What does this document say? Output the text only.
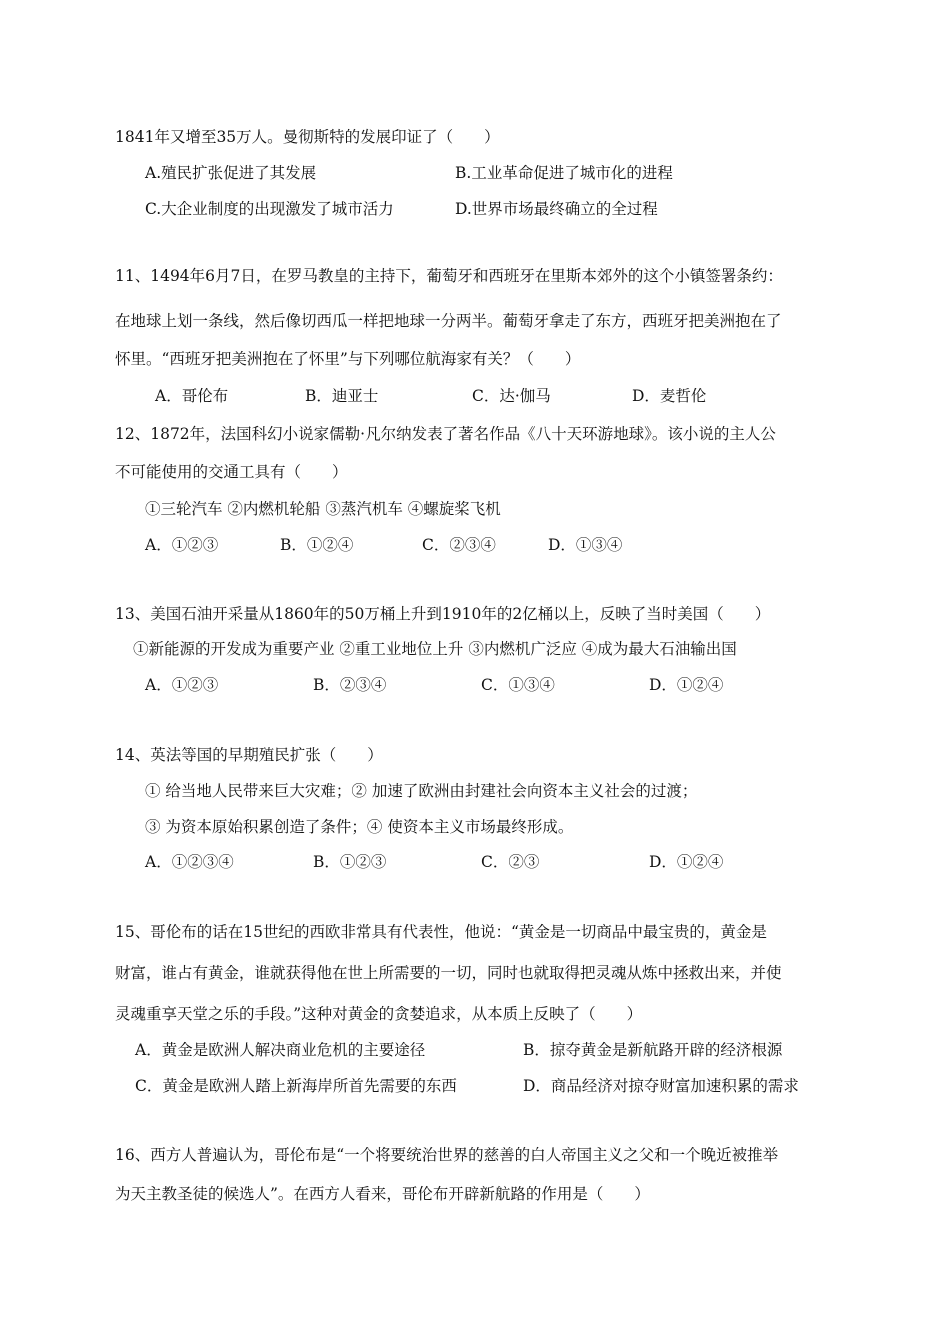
1841年又增至35万人。曼彻斯特的发展印证了（　　）
A.殖民扩张促进了其发展	B.工业革命促进了城市化的进程
C.大企业制度的出现激发了城市活力	D.世界市场最终确立的全过程
11、1494年6月7日，在罗马教皇的主持下，葡萄牙和西班牙在里斯本郊外的这个小镇签署条约：
在地球上划一条线，然后像切西瓜一样把地球一分两半。葡萄牙拿走了东方，西班牙把美洲抱在了
怀里。“西班牙把美洲抱在了怀里”与下列哪位航海家有关？（　　）
A．哥伦布	B．迪亚士	C．达·伽马	D．麦哲伦
12、1872年，法国科幻小说家儒勒·凡尔纳发表了著名作品《八十天环游地球》。该小说的主人公
不可能使用的交通工具有（　　）
①三轮汽车 ②内燃机轮船 ③蒸汽机车 ④螺旋桨飞机
A．①②③	B．①②④	C．②③④	D．①③④
13、美国石油开采量从1860年的50万桶上升到1910年的2亿桶以上，反映了当时美国（　　）
①新能源的开发成为重要产业 ②重工业地位上升 ③内燃机广泛应 ④成为最大石油输出国
A．①②③	B．②③④	C．①③④	D．①②④
14、英法等国的早期殖民扩张（　　）
① 给当地人民带来巨大灾难；② 加速了欧洲由封建社会向资本主义社会的过渡；
③ 为资本原始积累创造了条件；④ 使资本主义市场最终形成。
A．①②③④	B．①②③	C．②③	D．①②④
15、哥伦布的话在15世纪的西欧非常具有代表性，他说：“黄金是一切商品中最宝贵的，黄金是
财富，谁占有黄金，谁就获得他在世上所需要的一切，同时也就取得把灵魂从炼中拯救出来，并使
灵魂重享天堂之乐的手段。”这种对黄金的贪婪追求，从本质上反映了（　　）
A．黄金是欧洲人解决商业危机的主要途径	B．掠夺黄金是新航路开辟的经济根源
C．黄金是欧洲人踏上新海岸所首先需要的东西	D．商品经济对掠夺财富加速积累的需求
16、西方人普遍认为，哥伦布是“一个将要统治世界的慈善的白人帝国主义之父和一个晚近被推举
为天主教圣徒的候选人”。在西方人看来，哥伦布开辟新航路的作用是（　　）
